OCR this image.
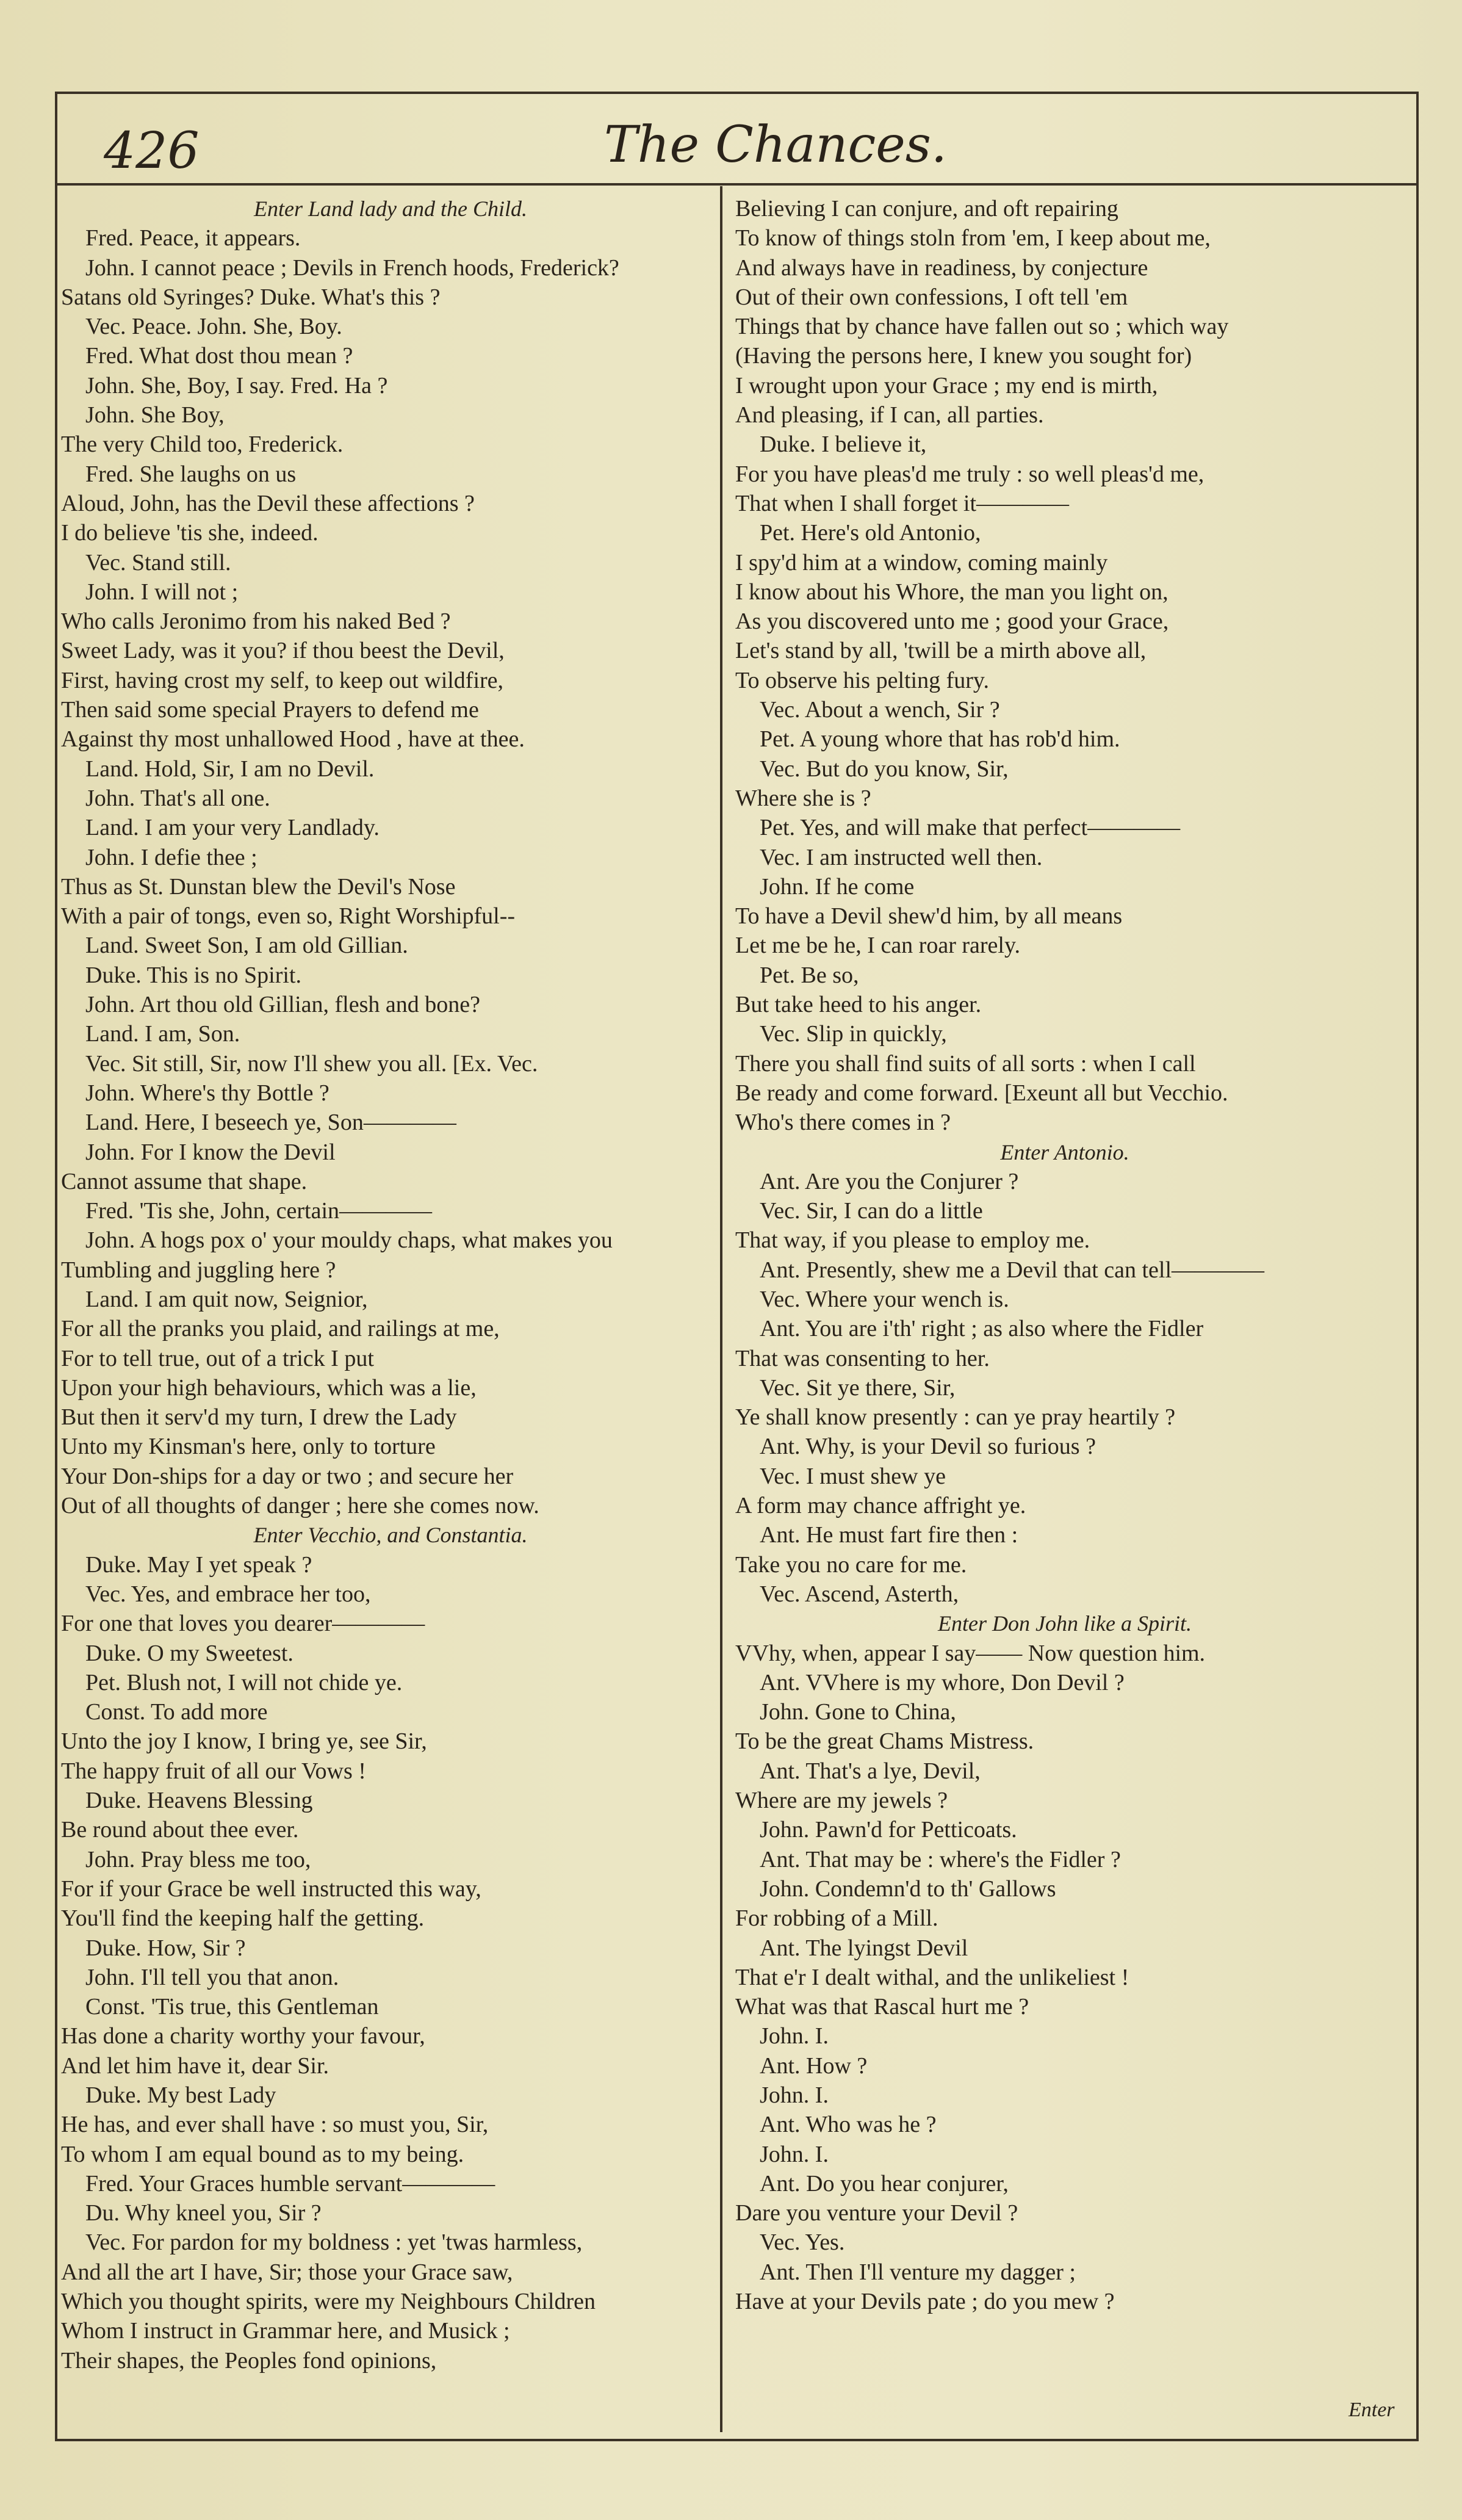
426	The Chances.
Enter Land lady and the Child.
Fred. Peace, it appears.
John. I cannot peace ; Devils in French hoods, Frederick?
Satans old Syringes? Duke. What's this ?
Vec. Peace. John. She, Boy.
Fred. What dost thou mean ?
John. She, Boy, I say. Fred. Ha ?
John. She Boy,
The very Child too, Frederick.
Fred. She laughs on us
Aloud, John, has the Devil these affections ?
I do believe 'tis she, indeed.
Vec. Stand still.
John. I will not ;
Who calls Jeronimo from his naked Bed ?
Sweet Lady, was it you? if thou beest the Devil,
First, having crost my self, to keep out wildfire,
Then said some special Prayers to defend me
Against thy most unhallowed Hood , have at thee.
Land. Hold, Sir, I am no Devil.
John. That's all one.
Land. I am your very Landlady.
John. I defie thee ;
Thus as St. Dunstan blew the Devil's Nose
With a pair of tongs, even so, Right Worshipful--
Land. Sweet Son, I am old Gillian.
Duke. This is no Spirit.
John. Art thou old Gillian, flesh and bone?
Land. I am, Son.
Vec. Sit still, Sir, now I'll shew you all. [Ex. Vec.
John. Where's thy Bottle ?
Land. Here, I beseech ye, Son————
John. For I know the Devil
Cannot assume that shape.
Fred. 'Tis she, John, certain————
John. A hogs pox o' your mouldy chaps, what makes you
Tumbling and juggling here ?
Land. I am quit now, Seignior,
For all the pranks you plaid, and railings at me,
For to tell true, out of a trick I put
Upon your high behaviours, which was a lie,
But then it serv'd my turn, I drew the Lady
Unto my Kinsman's here, only to torture
Your Don-ships for a day or two ; and secure her
Out of all thoughts of danger ; here she comes now.
Enter Vecchio, and Constantia.
Duke. May I yet speak ?
Vec. Yes, and embrace her too,
For one that loves you dearer————
Duke. O my Sweetest.
Pet. Blush not, I will not chide ye.
Const. To add more
Unto the joy I know, I bring ye, see Sir,
The happy fruit of all our Vows !
Duke. Heavens Blessing
Be round about thee ever.
John. Pray bless me too,
For if your Grace be well instructed this way,
You'll find the keeping half the getting.
Duke. How, Sir ?
John. I'll tell you that anon.
Const. 'Tis true, this Gentleman
Has done a charity worthy your favour,
And let him have it, dear Sir.
Duke. My best Lady
He has, and ever shall have : so must you, Sir,
To whom I am equal bound as to my being.
Fred. Your Graces humble servant————
Du. Why kneel you, Sir ?
Vec. For pardon for my boldness : yet 'twas harmless,
And all the art I have, Sir; those your Grace saw,
Which you thought spirits, were my Neighbours Children
Whom I instruct in Grammar here, and Musick ;
Their shapes, the Peoples fond opinions,
Believing I can conjure, and oft repairing
To know of things stoln from 'em, I keep about me,
And always have in readiness, by conjecture
Out of their own confessions, I oft tell 'em
Things that by chance have fallen out so ; which way
(Having the persons here, I knew you sought for)
I wrought upon your Grace ; my end is mirth,
And pleasing, if I can, all parties.
Duke. I believe it,
For you have pleas'd me truly : so well pleas'd me,
That when I shall forget it————
Pet. Here's old Antonio,
I spy'd him at a window, coming mainly
I know about his Whore, the man you light on,
As you discovered unto me ; good your Grace,
Let's stand by all, 'twill be a mirth above all,
To observe his pelting fury.
Vec. About a wench, Sir ?
Pet. A young whore that has rob'd him.
Vec. But do you know, Sir,
Where she is ?
Pet. Yes, and will make that perfect————
Vec. I am instructed well then.
John. If he come
To have a Devil shew'd him, by all means
Let me be he, I can roar rarely.
Pet. Be so,
But take heed to his anger.
Vec. Slip in quickly,
There you shall find suits of all sorts : when I call
Be ready and come forward. [Exeunt all but Vecchio.
Who's there comes in ?
Enter Antonio.
Ant. Are you the Conjurer ?
Vec. Sir, I can do a little
That way, if you please to employ me.
Ant. Presently, shew me a Devil that can tell————
Vec. Where your wench is.
Ant. You are i'th' right ; as also where the Fidler
That was consenting to her.
Vec. Sit ye there, Sir,
Ye shall know presently : can ye pray heartily ?
Ant. Why, is your Devil so furious ?
Vec. I must shew ye
A form may chance affright ye.
Ant. He must fart fire then :
Take you no care for me.
Vec. Ascend, Asterth,
Enter Don John like a Spirit.
VVhy, when, appear I say—— Now question him.
Ant. VVhere is my whore, Don Devil ?
John. Gone to China,
To be the great Chams Mistress.
Ant. That's a lye, Devil,
Where are my jewels ?
John. Pawn'd for Petticoats.
Ant. That may be : where's the Fidler ?
John. Condemn'd to th' Gallows
For robbing of a Mill.
Ant. The lyingst Devil
That e'r I dealt withal, and the unlikeliest !
What was that Rascal hurt me ?
John. I.
Ant. How ?
John. I.
Ant. Who was he ?
John. I.
Ant. Do you hear conjurer,
Dare you venture your Devil ?
Vec. Yes.
Ant. Then I'll venture my dagger ;
Have at your Devils pate ; do you mew ?
Enter
